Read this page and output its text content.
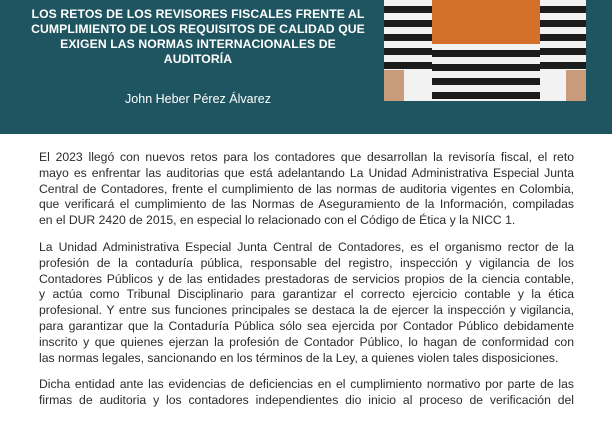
LOS RETOS DE LOS REVISORES FISCALES FRENTE AL
CUMPLIMIENTO DE LOS REQUISITOS DE CALIDAD QUE
EXIGEN LAS NORMAS INTERNACIONALES DE
AUDITORÍA
John Heber Pérez Álvarez

El 2023 llegó con nuevos retos para los contadores que desarrollan la revisoría fiscal, el reto
mayo es enfrentar las auditorias que está adelantando La Unidad Administrativa Especial Junta
Central de Contadores, frente el cumplimiento de las normas de auditoria vigentes en Colombia,
que verificará el cumplimiento de las Normas de Aseguramiento de la Información, compiladas
en el DUR 2420 de 2015, en especial lo relacionado con el Código de Ética y la NICC 1.

La Unidad Administrativa Especial Junta Central de Contadores, es el organismo rector de la
profesión de la contaduría pública, responsable del registro, inspección y vigilancia de los
Contadores Públicos y de las entidades prestadoras de servicios propios de la ciencia contable,
y actúa como Tribunal Disciplinario para garantizar el correcto ejercicio contable y la ética
profesional. Y entre sus funciones principales se destaca la de ejercer la inspección y vigilancia,
para garantizar que la Contaduría Pública sólo sea ejercida por Contador Público debidamente
inscrito y que quienes ejerzan la profesión de Contador Público, lo hagan de conformidad con
las normas legales, sancionando en los términos de la Ley, a quienes violen tales disposiciones.

Dicha entidad ante las evidencias de deficiencias en el cumplimiento normativo por parte de las
firmas de auditoria y los contadores independientes dio inicio al proceso de verificación del
